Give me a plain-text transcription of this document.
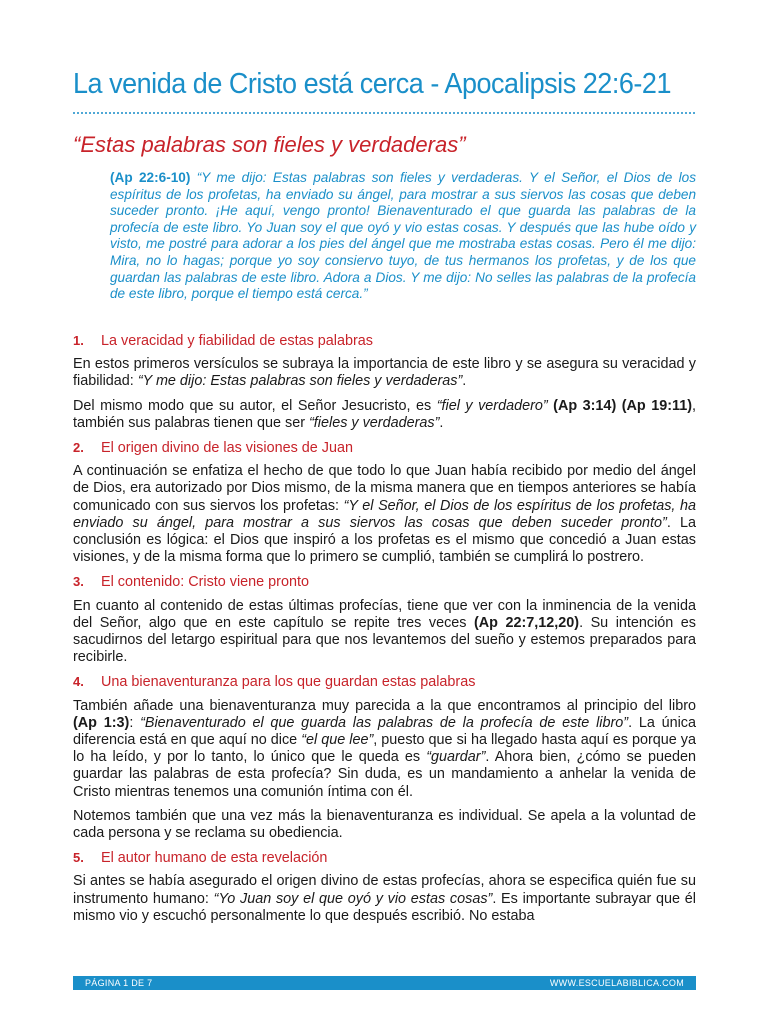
La venida de Cristo está cerca - Apocalipsis 22:6-21
“Estas palabras son fieles y verdaderas”
(Ap 22:6-10) “Y me dijo: Estas palabras son fieles y verdaderas. Y el Señor, el Dios de los espíritus de los profetas, ha enviado su ángel, para mostrar a sus siervos las cosas que deben suceder pronto. ¡He aquí, vengo pronto! Bienaventurado el que guarda las palabras de la profecía de este libro. Yo Juan soy el que oyó y vio estas cosas. Y después que las hube oído y visto, me postré para adorar a los pies del ángel que me mostraba estas cosas. Pero él me dijo: Mira, no lo hagas; porque yo soy consiervo tuyo, de tus hermanos los profetas, y de los que guardan las palabras de este libro. Adora a Dios. Y me dijo: No selles las palabras de la profecía de este libro, porque el tiempo está cerca.”
1.	La veracidad y fiabilidad de estas palabras

En estos primeros versículos se subraya la importancia de este libro y se asegura su veracidad y fiabilidad: “Y me dijo: Estas palabras son fieles y verdaderas”.

Del mismo modo que su autor, el Señor Jesucristo, es “fiel y verdadero” (Ap 3:14) (Ap 19:11), también sus palabras tienen que ser “fieles y verdaderas”.

2.	El origen divino de las visiones de Juan

A continuación se enfatiza el hecho de que todo lo que Juan había recibido por medio del ángel de Dios, era autorizado por Dios mismo, de la misma manera que en tiempos anteriores se había comunicado con sus siervos los profetas: “Y el Señor, el Dios de los espíritus de los profetas, ha enviado su ángel, para mostrar a sus siervos las cosas que deben suceder pronto”. La conclusión es lógica: el Dios que inspiró a los profetas es el mismo que concedió a Juan estas visiones, y de la misma forma que lo primero se cumplió, también se cumplirá lo postrero.

3.	El contenido: Cristo viene pronto

En cuanto al contenido de estas últimas profecías, tiene que ver con la inminencia de la venida del Señor, algo que en este capítulo se repite tres veces (Ap 22:7,12,20). Su intención es sacudirnos del letargo espiritual para que nos levantemos del sueño y estemos preparados para recibirle.

4.	Una bienaventuranza para los que guardan estas palabras

También añade una bienaventuranza muy parecida a la que encontramos al principio del libro (Ap 1:3): “Bienaventurado el que guarda las palabras de la profecía de este libro”. La única diferencia está en que aquí no dice “el que lee”, puesto que si ha llegado hasta aquí es porque ya lo ha leído, y por lo tanto, lo único que le queda es “guardar”. Ahora bien, ¿cómo se pueden guardar las palabras de esta profecía? Sin duda, es un mandamiento a anhelar la venida de Cristo mientras tenemos una comunión íntima con él.

Notemos también que una vez más la bienaventuranza es individual. Se apela a la voluntad de cada persona y se reclama su obediencia.

5.	El autor humano de esta revelación

Si antes se había asegurado el origen divino de estas profecías, ahora se especifica quién fue su instrumento humano: “Yo Juan soy el que oyó y vio estas cosas”. Es importante subrayar que él mismo vio y escuchó personalmente lo que después escribió. No estaba

PÁGINA 1 DE 7	WWW.ESCUELABIBLICA.COM
